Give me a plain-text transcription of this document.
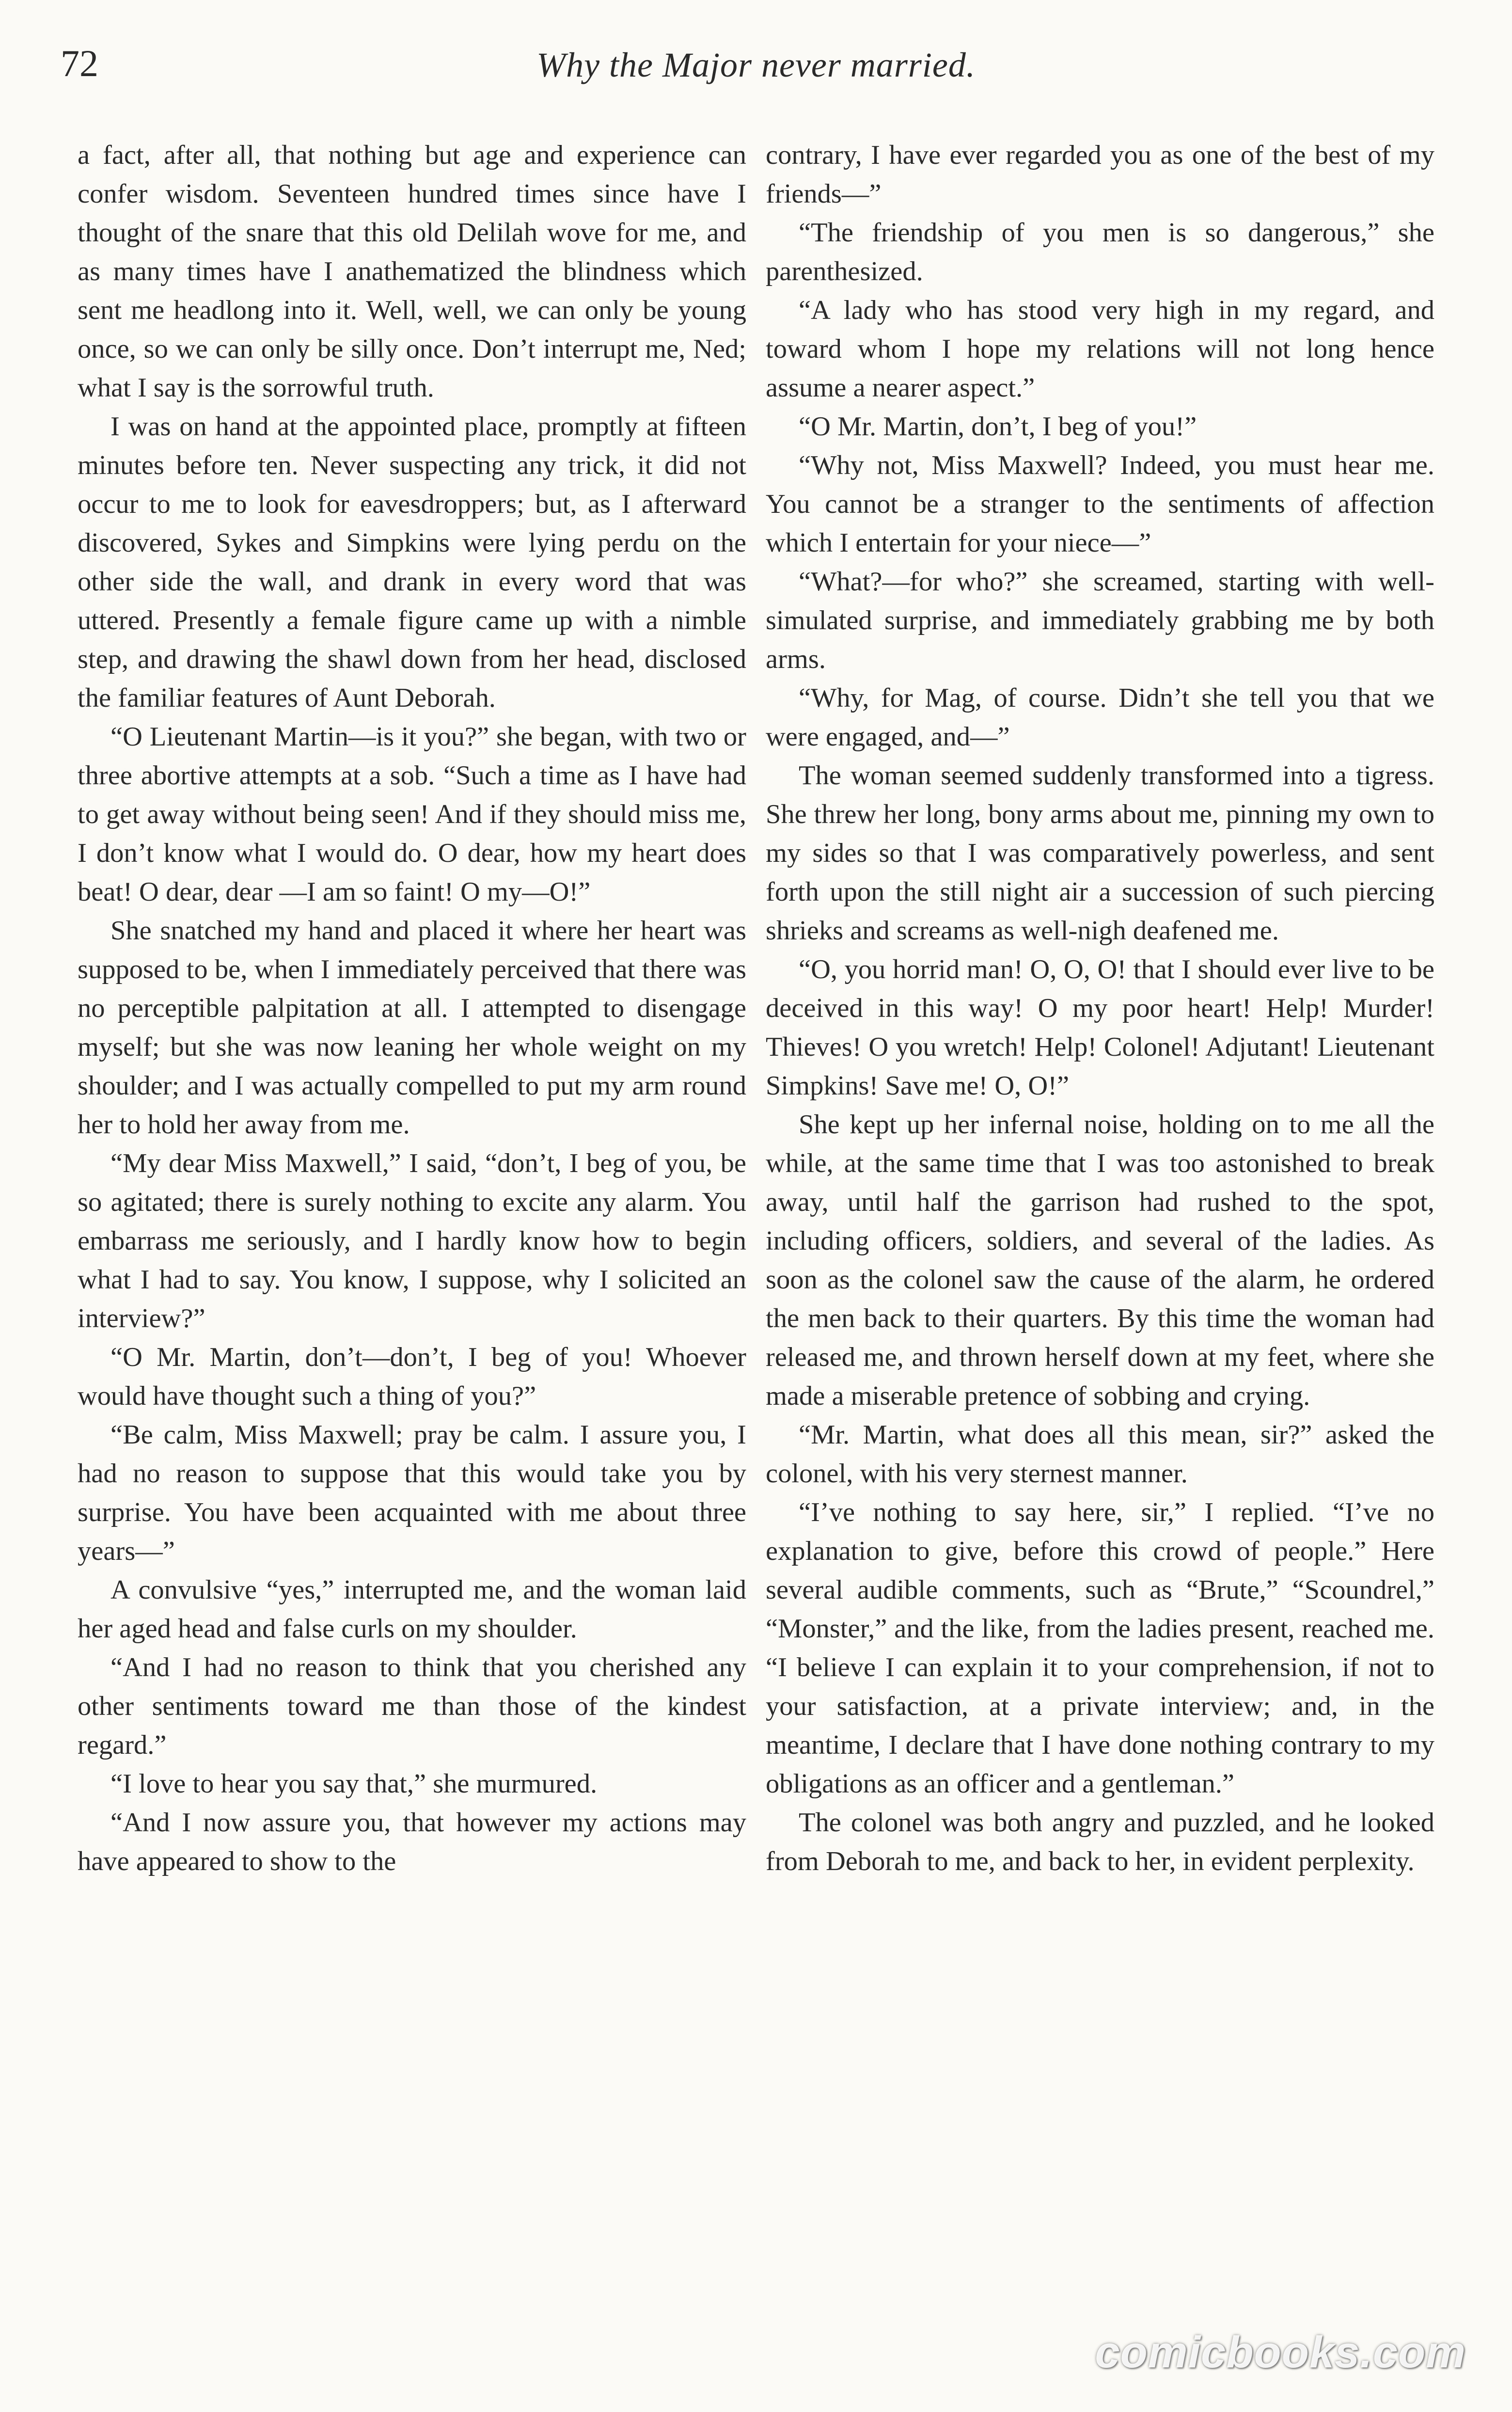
72	Why the Major never married.

a fact, after all, that nothing but age and experience can confer wisdom. Seventeen hundred times since have I thought of the snare that this old Delilah wove for me, and as many times have I anathematized the blindness which sent me headlong into it. Well, well, we can only be young once, so we can only be silly once. Don’t interrupt me, Ned; what I say is the sorrowful truth.

I was on hand at the appointed place, promptly at fifteen minutes before ten. Never suspecting any trick, it did not occur to me to look for eavesdroppers; but, as I afterward discovered, Sykes and Simpkins were lying perdu on the other side the wall, and drank in every word that was uttered. Presently a female figure came up with a nimble step, and drawing the shawl down from her head, disclosed the familiar features of Aunt Deborah.

“O Lieutenant Martin—is it you?” she began, with two or three abortive attempts at a sob. “Such a time as I have had to get away without being seen! And if they should miss me, I don’t know what I would do. O dear, how my heart does beat! O dear, dear —I am so faint! O my—O!”

She snatched my hand and placed it where her heart was supposed to be, when I immediately perceived that there was no perceptible palpitation at all. I attempted to disengage myself; but she was now leaning her whole weight on my shoulder; and I was actually compelled to put my arm round her to hold her away from me.

“My dear Miss Maxwell,” I said, “don’t, I beg of you, be so agitated; there is surely nothing to excite any alarm. You embarrass me seriously, and I hardly know how to begin what I had to say. You know, I suppose, why I solicited an interview?”

“O Mr. Martin, don’t—don’t, I beg of you! Whoever would have thought such a thing of you?”

“Be calm, Miss Maxwell; pray be calm. I assure you, I had no reason to suppose that this would take you by surprise. You have been acquainted with me about three years—”

A convulsive “yes,” interrupted me, and the woman laid her aged head and false curls on my shoulder.

“And I had no reason to think that you cherished any other sentiments toward me than those of the kindest regard.”

“I love to hear you say that,” she murmured.

“And I now assure you, that however my actions may have appeared to show to the

contrary, I have ever regarded you as one of the best of my friends—”

“The friendship of you men is so dangerous,” she parenthesized.

“A lady who has stood very high in my regard, and toward whom I hope my relations will not long hence assume a nearer aspect.”

“O Mr. Martin, don’t, I beg of you!”

“Why not, Miss Maxwell? Indeed, you must hear me. You cannot be a stranger to the sentiments of affection which I entertain for your niece—”

“What?—for who?” she screamed, starting with well-simulated surprise, and immediately grabbing me by both arms.

“Why, for Mag, of course. Didn’t she tell you that we were engaged, and—”

The woman seemed suddenly transformed into a tigress. She threw her long, bony arms about me, pinning my own to my sides so that I was comparatively powerless, and sent forth upon the still night air a succession of such piercing shrieks and screams as well-nigh deafened me.

“O, you horrid man! O, O, O! that I should ever live to be deceived in this way! O my poor heart! Help! Murder! Thieves! O you wretch! Help! Colonel! Adjutant! Lieutenant Simpkins! Save me! O, O!”

She kept up her infernal noise, holding on to me all the while, at the same time that I was too astonished to break away, until half the garrison had rushed to the spot, including officers, soldiers, and several of the ladies. As soon as the colonel saw the cause of the alarm, he ordered the men back to their quarters. By this time the woman had released me, and thrown herself down at my feet, where she made a miserable pretence of sobbing and crying.

“Mr. Martin, what does all this mean, sir?” asked the colonel, with his very sternest manner.

“I’ve nothing to say here, sir,” I replied. “I’ve no explanation to give, before this crowd of people.” Here several audible comments, such as “Brute,” “Scoundrel,” “Monster,” and the like, from the ladies present, reached me. “I believe I can explain it to your comprehension, if not to your satisfaction, at a private interview; and, in the meantime, I declare that I have done nothing contrary to my obligations as an officer and a gentleman.”

The colonel was both angry and puzzled, and he looked from Deborah to me, and back to her, in evident perplexity.

comicbooks.com
